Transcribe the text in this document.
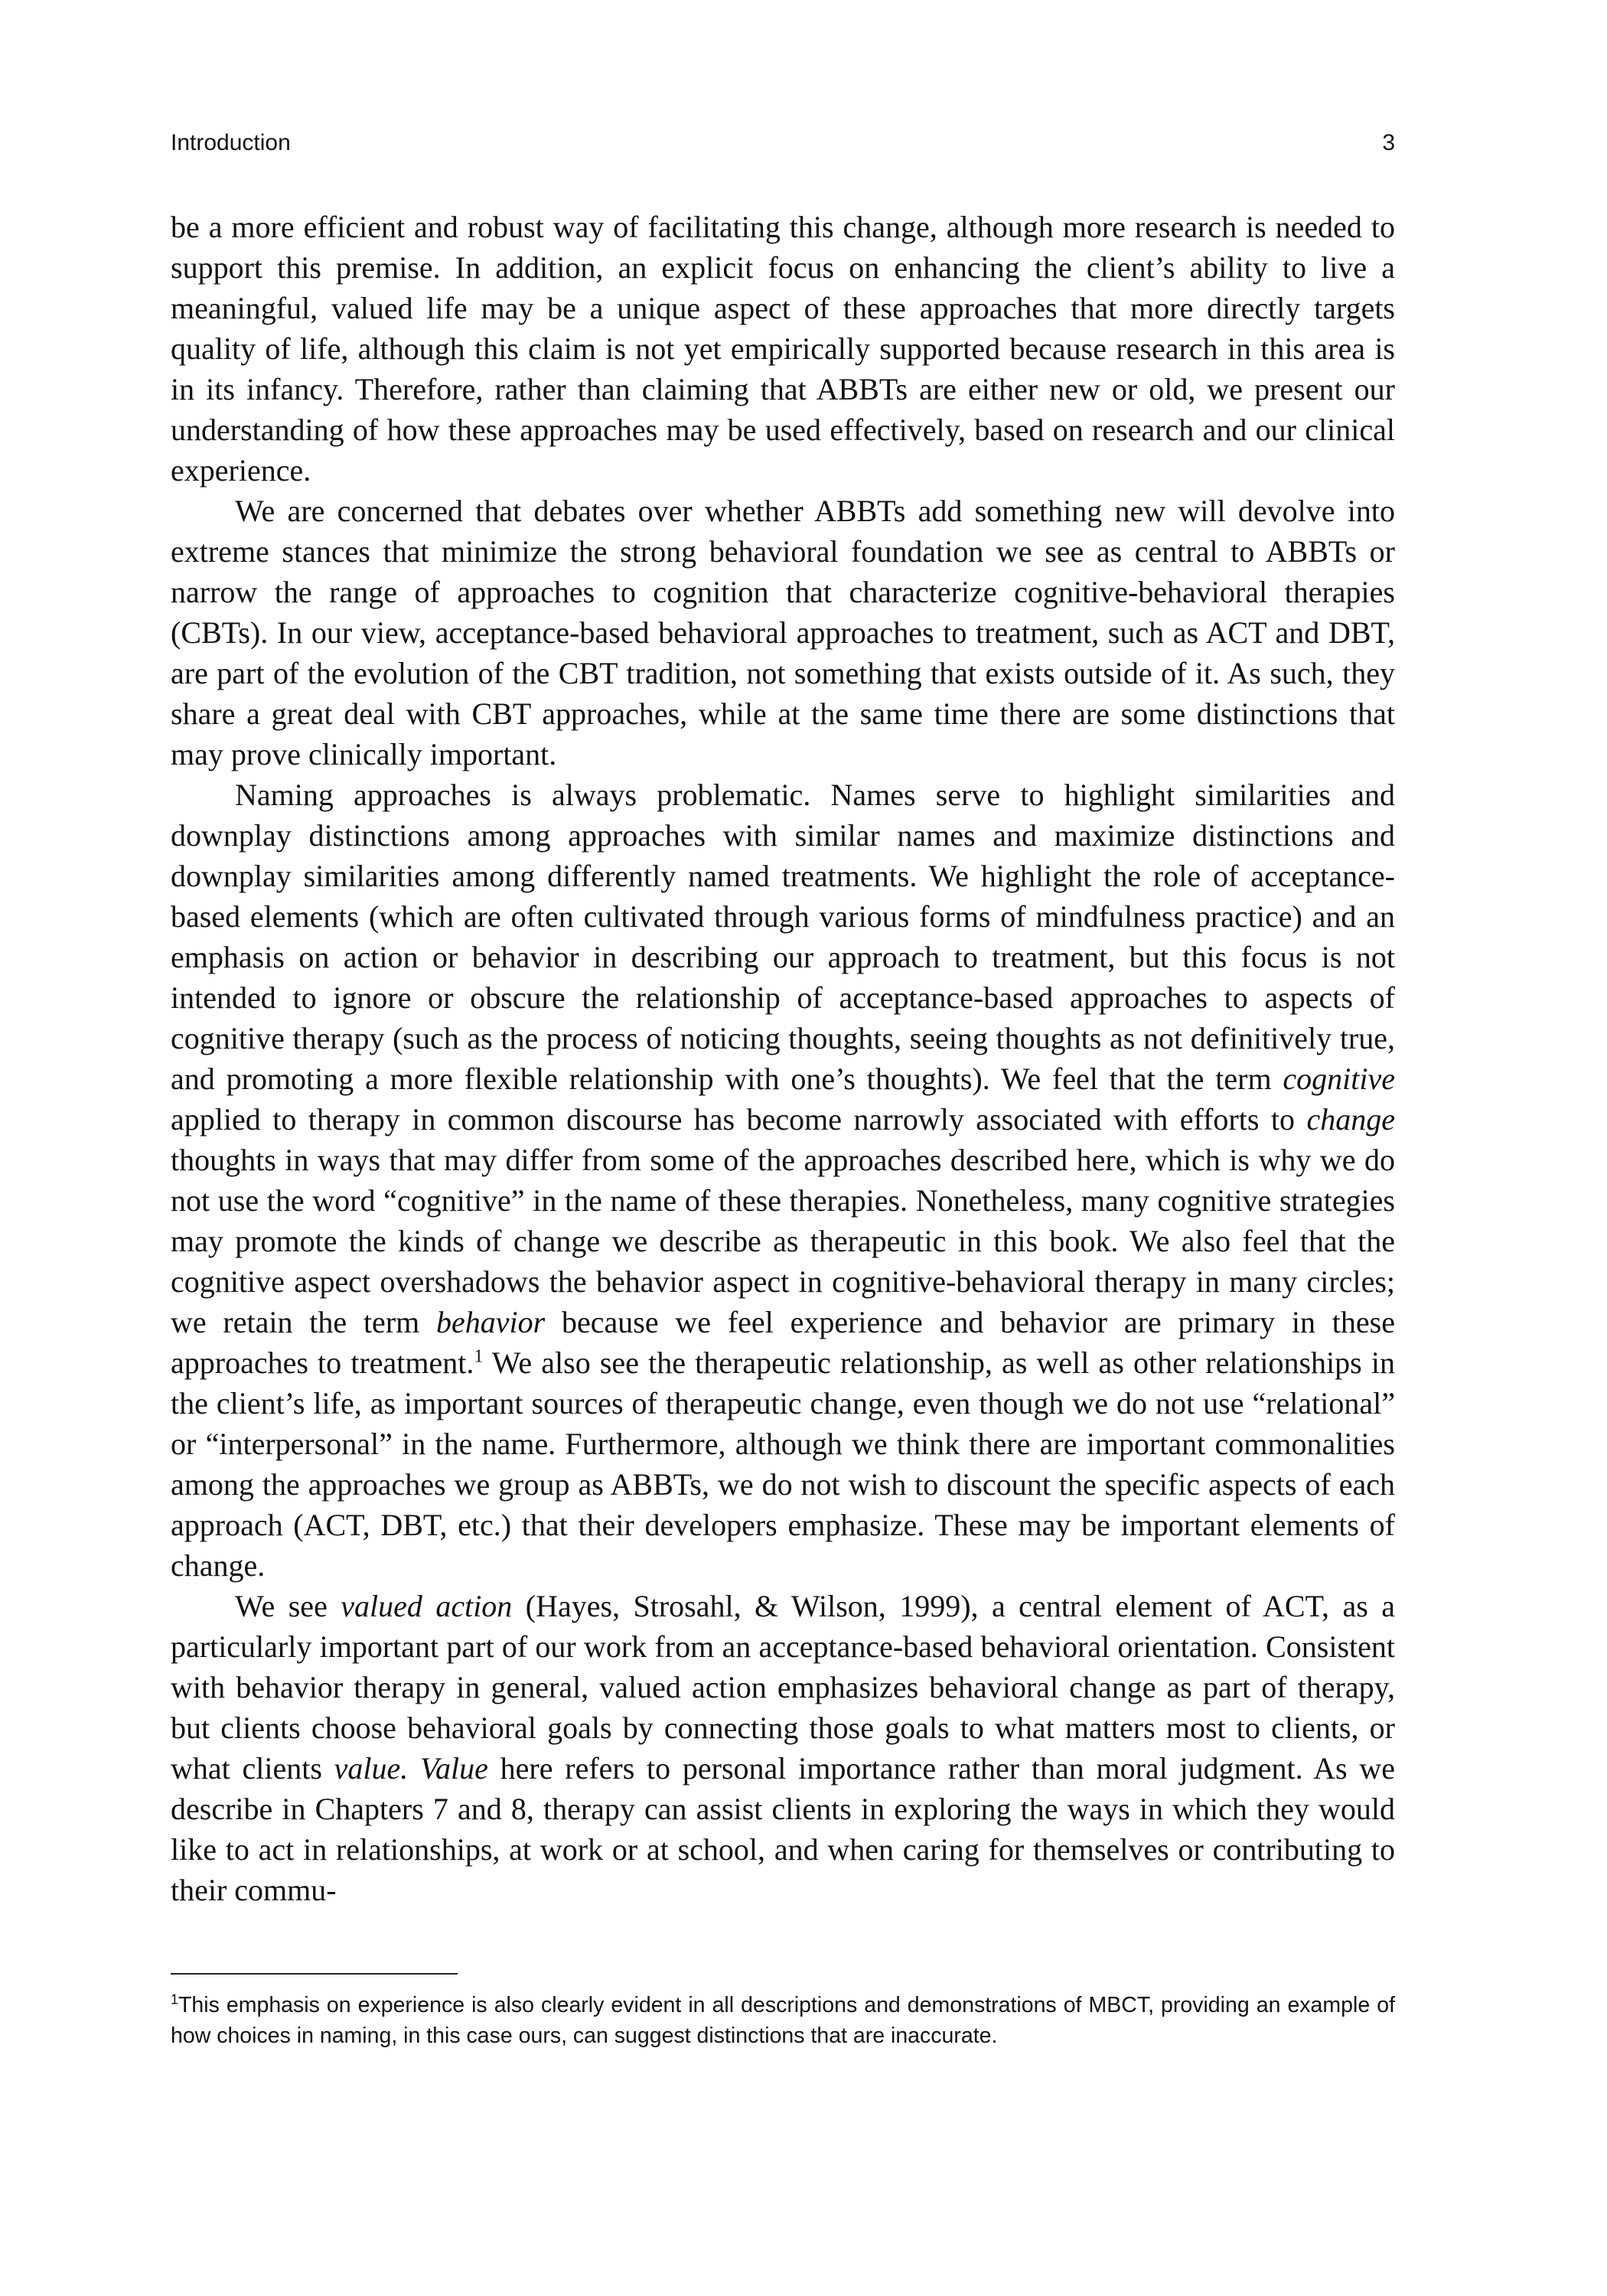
Introduction	3

be a more efficient and robust way of facilitating this change, although more research is needed to support this premise. In addition, an explicit focus on enhancing the client’s ability to live a meaningful, valued life may be a unique aspect of these approaches that more directly targets quality of life, although this claim is not yet empirically supported because research in this area is in its infancy. Therefore, rather than claiming that ABBTs are either new or old, we present our understanding of how these approaches may be used effectively, based on research and our clinical experience.

We are concerned that debates over whether ABBTs add something new will devolve into extreme stances that minimize the strong behavioral foundation we see as central to ABBTs or narrow the range of approaches to cognition that characterize cognitive-behavioral therapies (CBTs). In our view, acceptance-based behavioral approaches to treatment, such as ACT and DBT, are part of the evolution of the CBT tradition, not something that exists outside of it. As such, they share a great deal with CBT approaches, while at the same time there are some distinctions that may prove clinically important.

Naming approaches is always problematic. Names serve to highlight similarities and downplay distinctions among approaches with similar names and maximize distinctions and downplay similarities among differently named treatments. We highlight the role of acceptance-based elements (which are often cultivated through various forms of mindfulness practice) and an emphasis on action or behavior in describing our approach to treatment, but this focus is not intended to ignore or obscure the relationship of acceptance-based approaches to aspects of cognitive therapy (such as the process of noticing thoughts, seeing thoughts as not definitively true, and promoting a more flexible relationship with one’s thoughts). We feel that the term cognitive applied to therapy in common discourse has become narrowly associated with efforts to change thoughts in ways that may differ from some of the approaches described here, which is why we do not use the word “cognitive” in the name of these therapies. Nonetheless, many cognitive strategies may promote the kinds of change we describe as therapeutic in this book. We also feel that the cognitive aspect overshadows the behavior aspect in cognitive-behavioral therapy in many circles; we retain the term behavior because we feel experience and behavior are primary in these approaches to treatment.$^1$ We also see the therapeutic relationship, as well as other relationships in the client’s life, as important sources of therapeutic change, even though we do not use “relational” or “interpersonal” in the name. Furthermore, although we think there are important commonalities among the approaches we group as ABBTs, we do not wish to discount the specific aspects of each approach (ACT, DBT, etc.) that their developers emphasize. These may be important elements of change.

We see valued action (Hayes, Strosahl, & Wilson, 1999), a central element of ACT, as a particularly important part of our work from an acceptance-based behavioral orientation. Consistent with behavior therapy in general, valued action emphasizes behavioral change as part of therapy, but clients choose behavioral goals by connecting those goals to what matters most to clients, or what clients value. Value here refers to personal importance rather than moral judgment. As we describe in Chapters 7 and 8, therapy can assist clients in exploring the ways in which they would like to act in relationships, at work or at school, and when caring for themselves or contributing to their commu-

$^1$This emphasis on experience is also clearly evident in all descriptions and demonstrations of MBCT, providing an example of how choices in naming, in this case ours, can suggest distinctions that are inaccurate.
